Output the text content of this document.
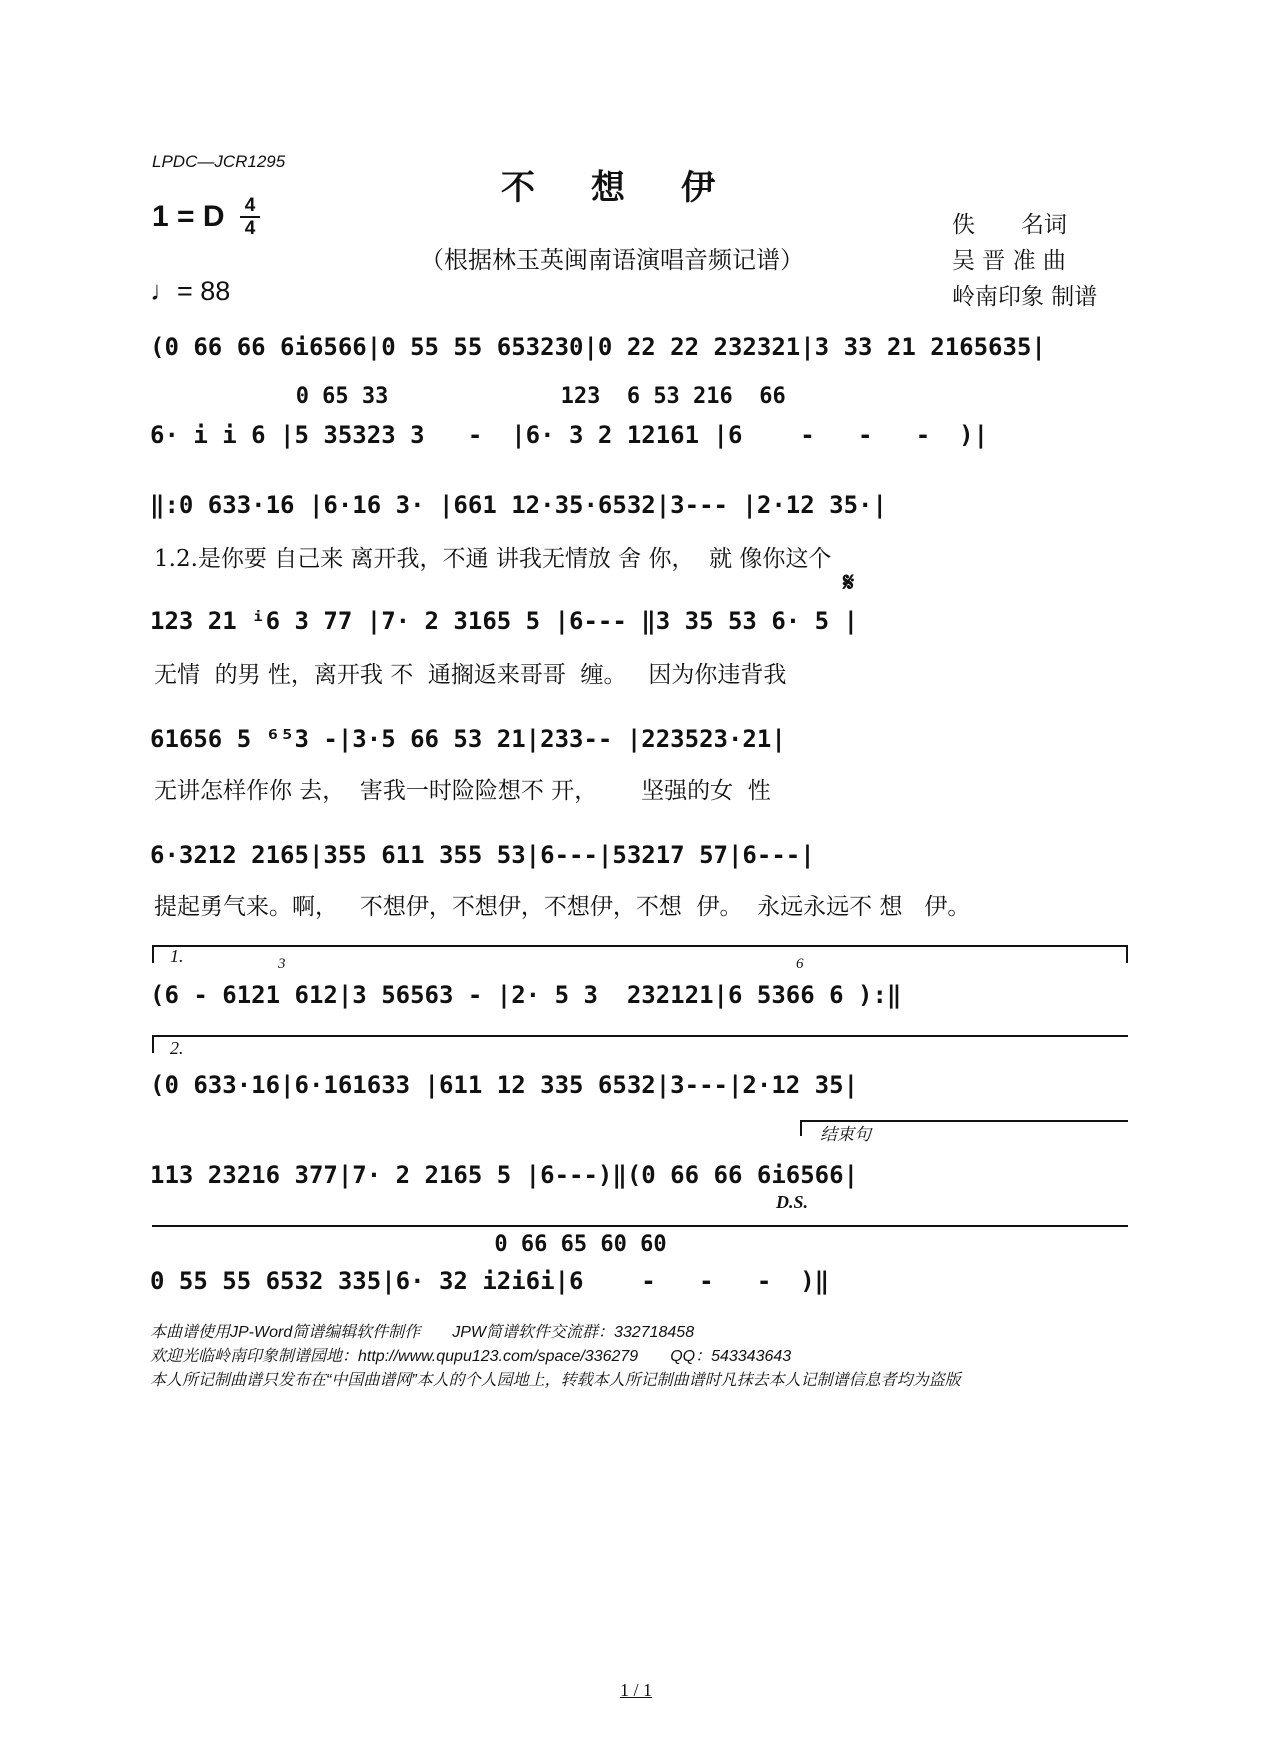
LPDC—JCR1295
不想伊
1 = D 4
4
（根据林玉英闽南语演唱音频记谱）
♩= 88
佚　　名词
吴 晋 准 曲
岭南印象 制谱
(0 66 66 6i6566|0 55 55 653230|0 22 22 232321|3 33 21 2165635|
0 65 33             123  6 53 216  66
6· i i 6 |5 35323 3   -  |6· 3 2 12161 |6    -   -   -  )|
‖:0 633·16 |6·16 3· |661 12·35·6532|3--- |2·12 35·|
1.2.是你要 自己来 离开我，不通 讲我无情放 舍 你，  就 像你这个
𝄋
123 21 ⁱ6 3 77 |7· 2 3165 5 |6--- ‖3 35 53 6· 5 |
无情  的男 性，离开我 不  通搁返来哥哥  缠。   因为你违背我
61656 5 ⁶⁵3 -|3·5 66 53 21|233-- |223523·21|
无讲怎样作你 去，  害我一时险险想不 开，      坚强的女  性
6·3212 2165|355 611 355 53|6---|53217 57|6---|
提起勇气来。啊，   不想伊，不想伊，不想伊，不想  伊。  永远永远不 想   伊。
1.	3	6
(6 - 6121 612|3 56563 - |2· 5 3  232121|6 5366 6 ):‖
2.
(0 633·16|6·161633 |611 12 335 6532|3---|2·12 35|
结束句
113 23216 377|7· 2 2165 5 |6---)‖(0 66 66 6i6566|
D.S.
0 66 65 60 60
0 55 55 6532 335|6· 32 i2i6i|6    -   -   -  )‖
本曲谱使用JP-Word简谱编辑软件制作　　JPW简谱软件交流群：332718458
欢迎光临岭南印象制谱园地：http://www.qupu123.com/space/336279　　QQ：543343643
本人所记制曲谱只发布在“中国曲谱网”本人的个人园地上，转载本人所记制曲谱时凡抹去本人记制谱信息者均为盗版
1 / 1
